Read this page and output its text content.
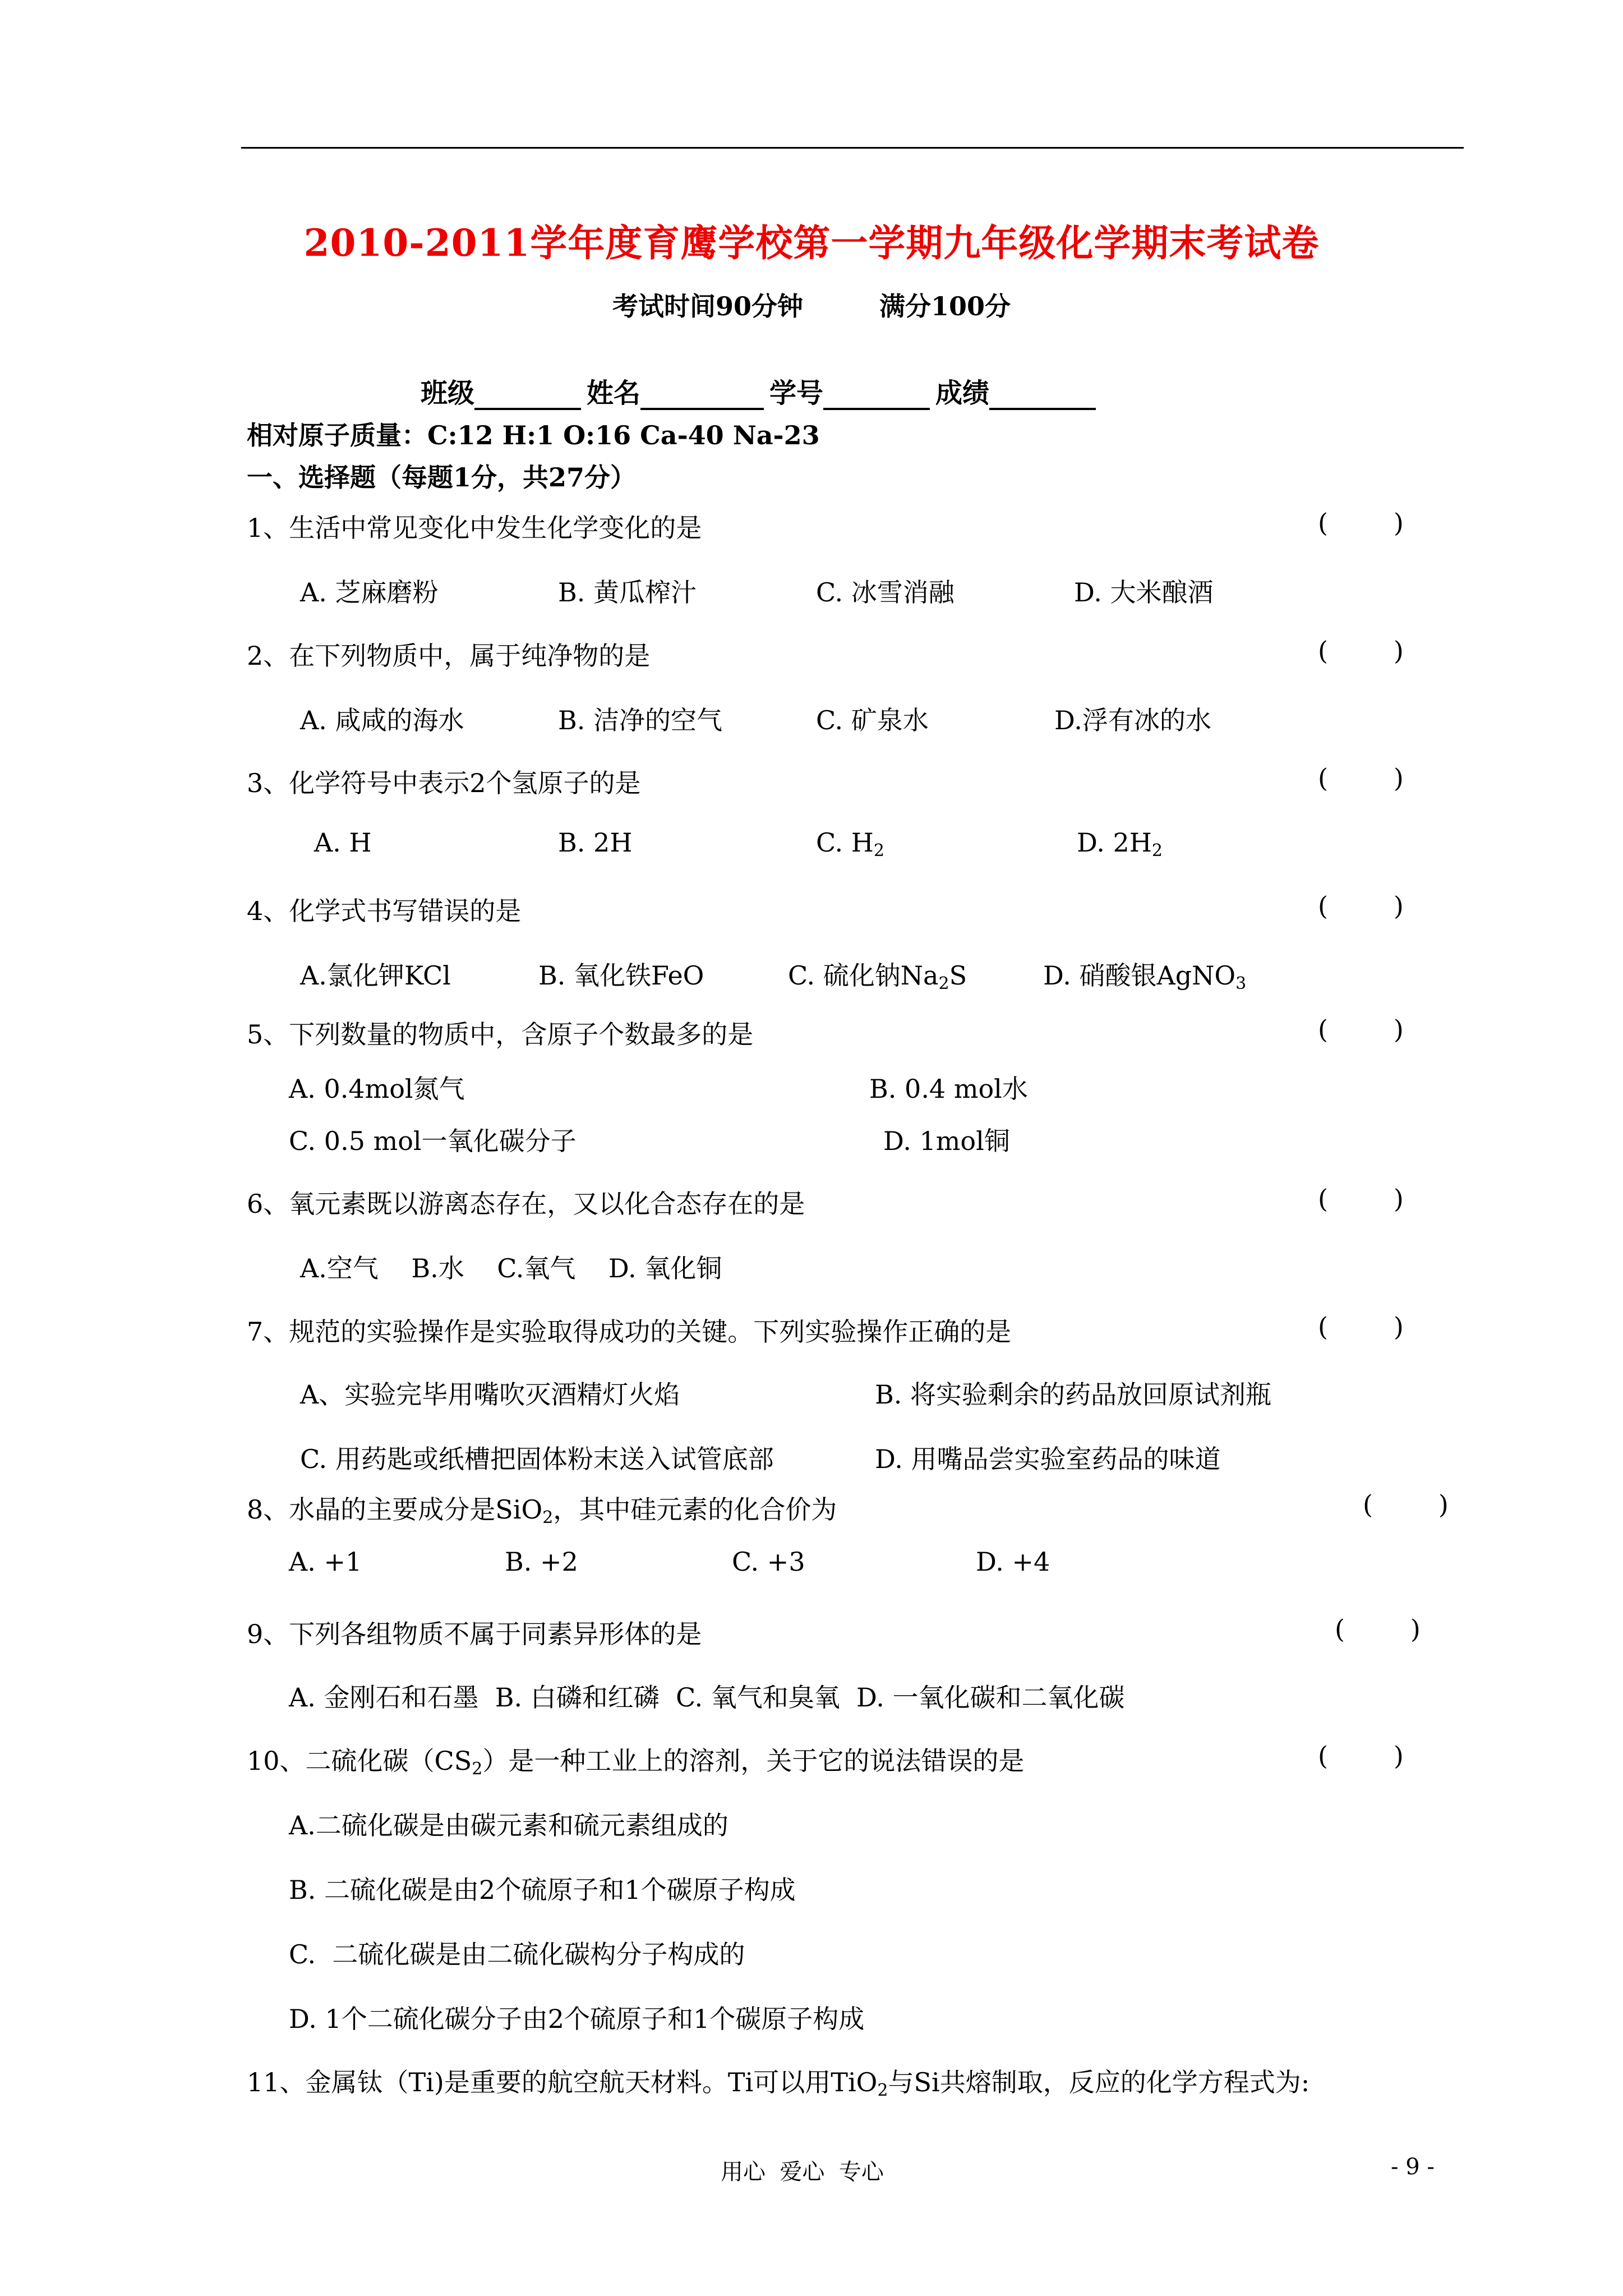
2010-2011学年度育鹰学校第一学期九年级化学期末考试卷
考试时间90分钟	满分100分
班级	姓名	学号	成绩
相对原子质量：C:12 H:1 O:16 Ca-40 Na-23
一、选择题（每题1分，共27分）
1、生活中常见变化中发生化学变化的是	(        )
A. 芝麻磨粉	B. 黄瓜榨汁	C. 冰雪消融	D. 大米酿酒
2、在下列物质中，属于纯净物的是	(        )
A. 咸咸的海水	B. 洁净的空气	C. 矿泉水	D.浮有冰的水
3、化学符号中表示2个氢原子的是	(        )
A. H	B. 2H	C. $H_2$	D. $2H_2$
4、化学式书写错误的是	(        )
A.氯化钾KCl	B. 氧化铁FeO	C. 硫化钠$Na_2S$	D. 硝酸银AgNO$_3$
5、下列数量的物质中，含原子个数最多的是	(        )
A. 0.4mol氮气	B. 0.4 mol水
C. 0.5 mol一氧化碳分子	D. 1mol铜
6、氧元素既以游离态存在，又以化合态存在的是	(        )
A.空气    B.水    C.氧气    D. 氧化铜
7、规范的实验操作是实验取得成功的关键。下列实验操作正确的是	(        )
A、实验完毕用嘴吹灭酒精灯火焰	B. 将实验剩余的药品放回原试剂瓶
C. 用药匙或纸槽把固体粉末送入试管底部	D. 用嘴品尝实验室药品的味道
8、水晶的主要成分是SiO$_2$，其中硅元素的化合价为	(        )
A. +1	B. +2	C. +3	D. +4
9、下列各组物质不属于同素异形体的是	(        )
A. 金刚石和石墨  B. 白磷和红磷  C. 氧气和臭氧  D. 一氧化碳和二氧化碳
10、二硫化碳$(CS_2)$是一种工业上的溶剂，关于它的说法错误的是	(        )
A.二硫化碳是由碳元素和硫元素组成的
B. 二硫化碳是由2个硫原子和1个碳原子构成
C.  二硫化碳是由二硫化碳构分子构成的
D. 1个二硫化碳分子由2个硫原子和1个碳原子构成
11、金属钛（Ti)是重要的航空航天材料。Ti可以用TiO$_2$与Si共熔制取，反应的化学方程式为:
用心  爱心  专心	- 9 -
